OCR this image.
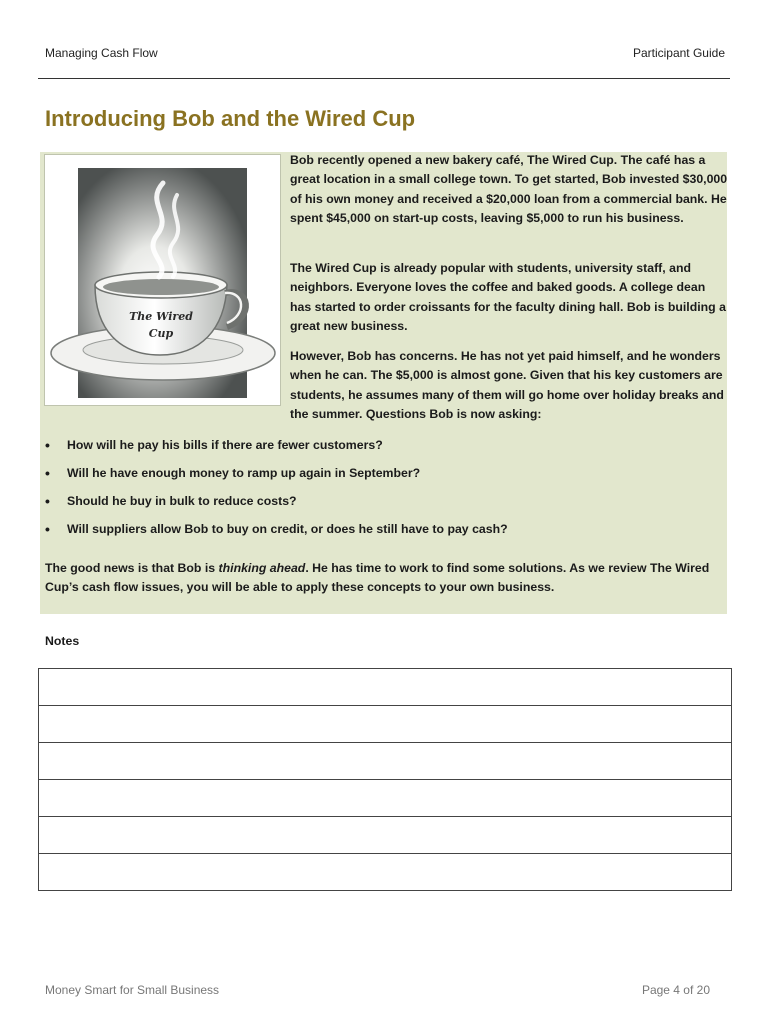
Managing Cash Flow	Participant Guide
Introducing Bob and the Wired Cup
The Wired
Cup

Bob recently opened a new bakery café, The Wired Cup. The café has a great location in a small college town. To get started, Bob invested $30,000 of his own money and received a $20,000 loan from a commercial bank. He spent $45,000 on start-up costs, leaving $5,000 to run his business.

The Wired Cup is already popular with students, university staff, and neighbors. Everyone loves the coffee and baked goods. A college dean has started to order croissants for the faculty dining hall. Bob is building a great new business.

However, Bob has concerns. He has not yet paid himself, and he wonders when he can. The $5,000 is almost gone. Given that his key customers are students, he assumes many of them will go home over holiday breaks and the summer. Questions Bob is now asking:

• How will he pay his bills if there are fewer customers?
• Will he have enough money to ramp up again in September?
• Should he buy in bulk to reduce costs?
• Will suppliers allow Bob to buy on credit, or does he still have to pay cash?

The good news is that Bob is thinking ahead. He has time to work to find some solutions. As we review The Wired Cup’s cash flow issues, you will be able to apply these concepts to your own business.

Notes

Money Smart for Small Business	Page 4 of 20
